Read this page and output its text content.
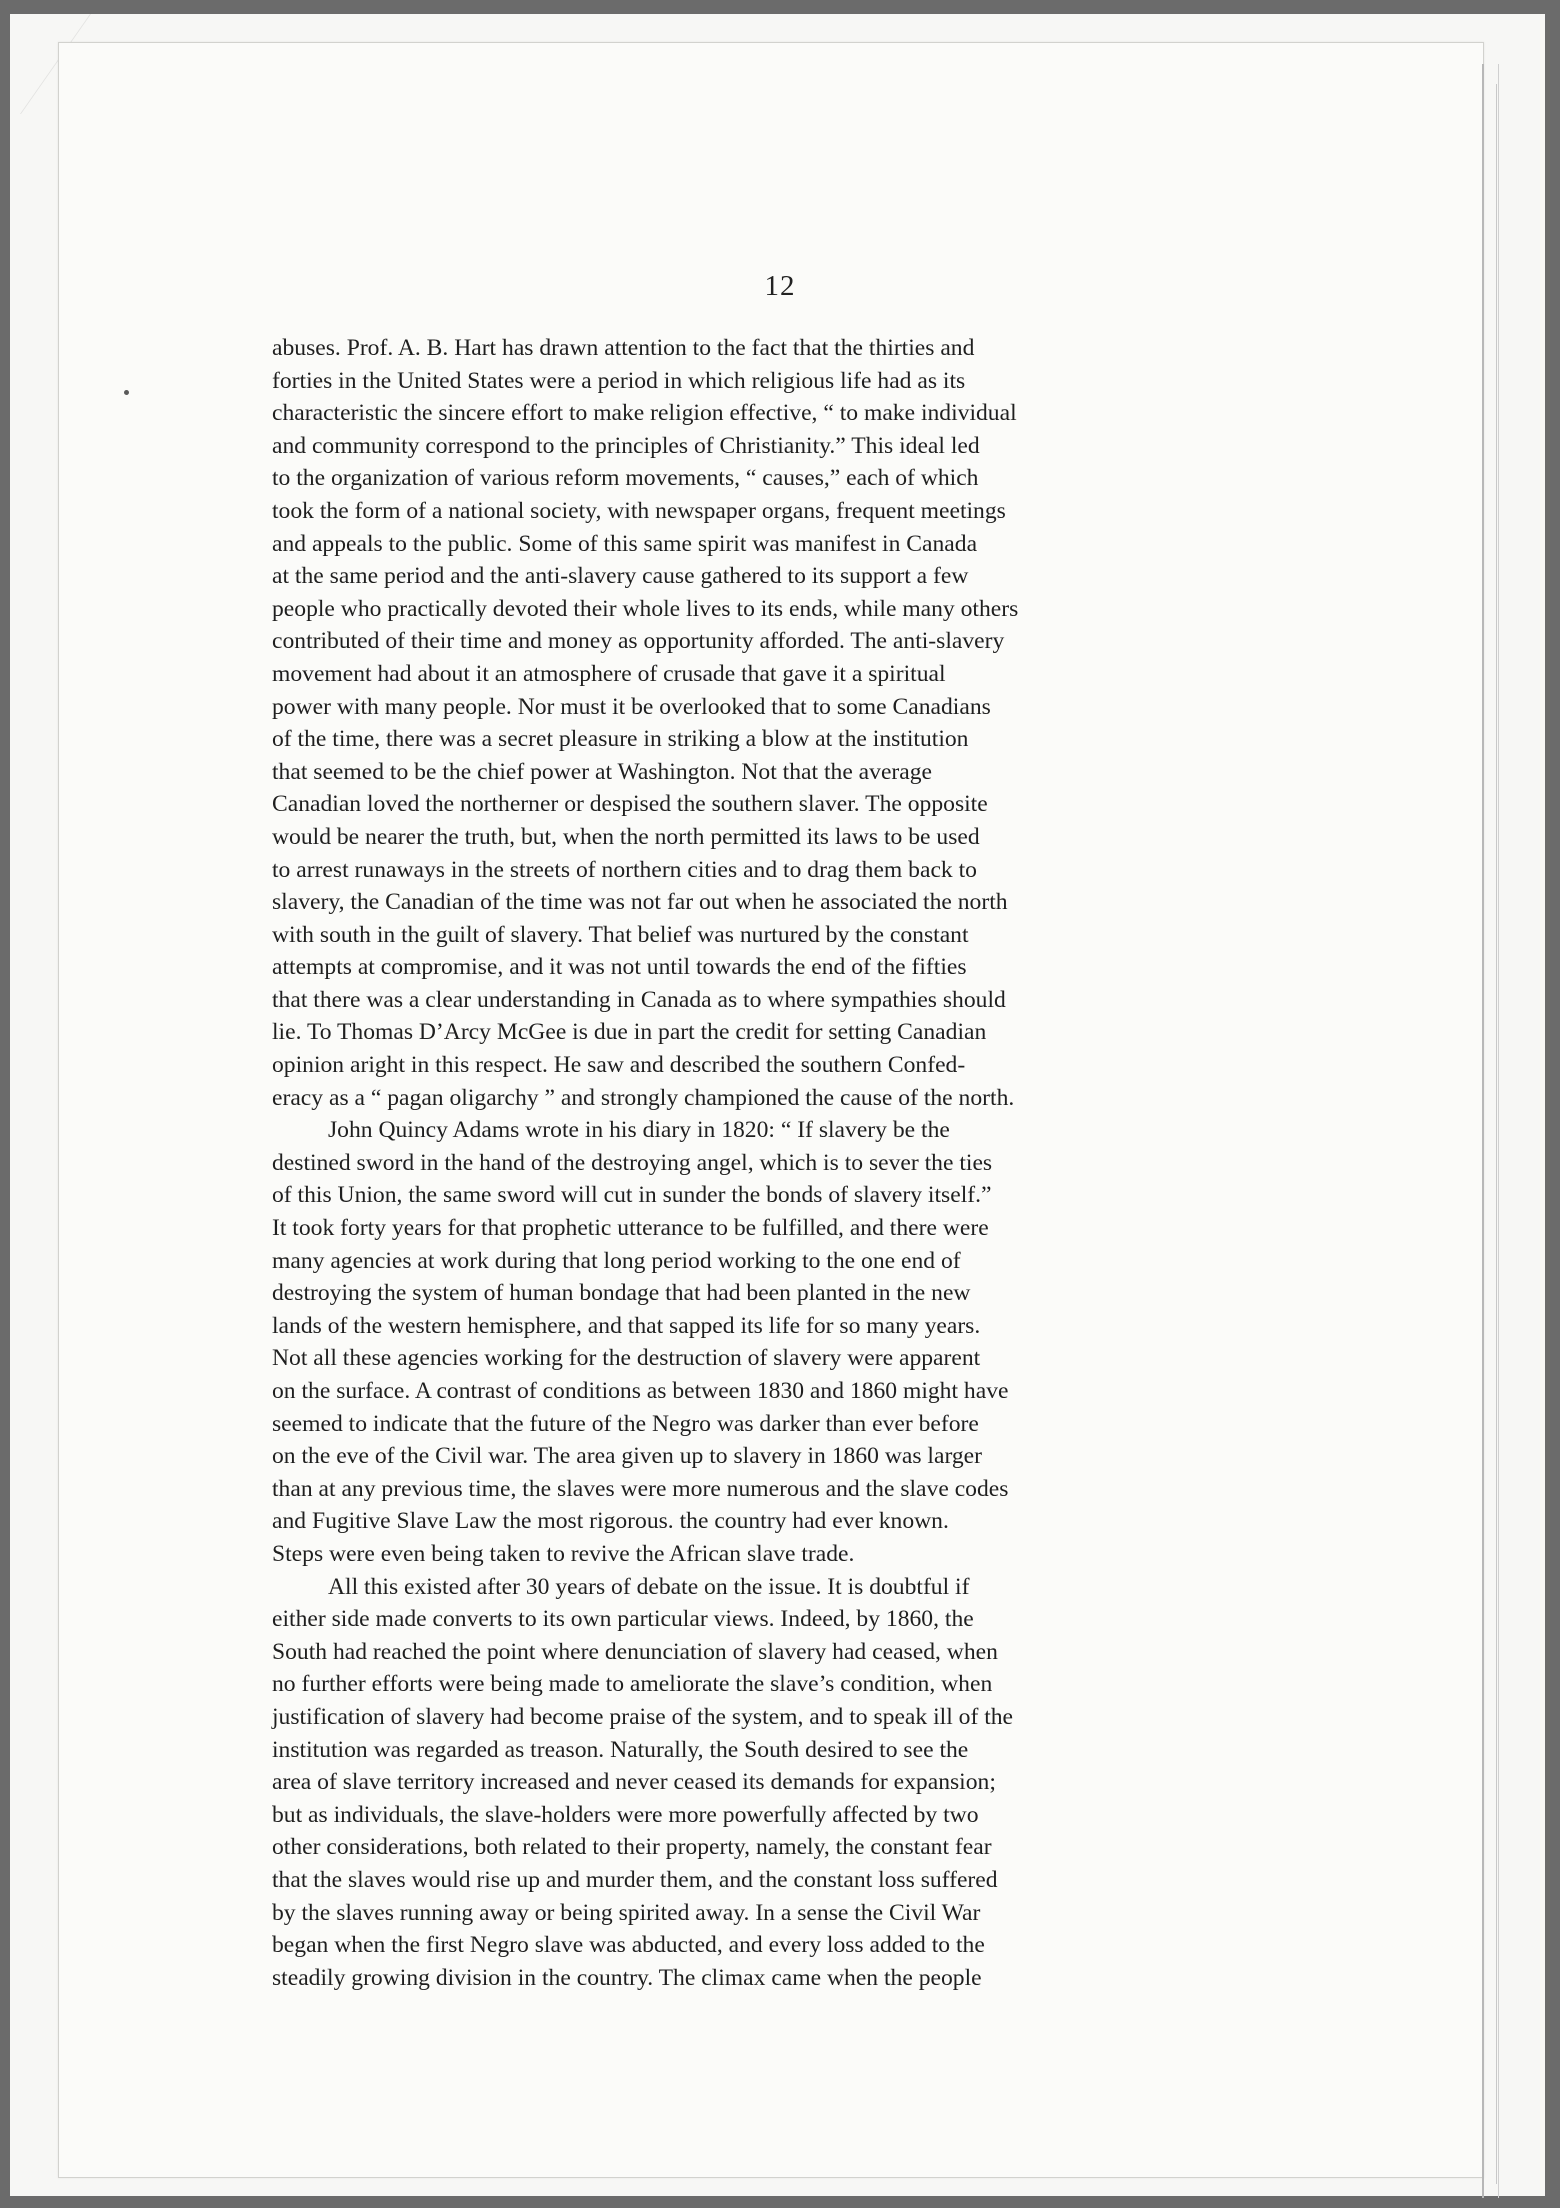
12
abuses. Prof. A. B. Hart has drawn attention to the fact that the thirties and
forties in the United States were a period in which religious life had as its
characteristic the sincere effort to make religion effective, “ to make individual
and community correspond to the principles of Christianity.” This ideal led
to the organization of various reform movements, “ causes,” each of which
took the form of a national society, with newspaper organs, frequent meetings
and appeals to the public. Some of this same spirit was manifest in Canada
at the same period and the anti-slavery cause gathered to its support a few
people who practically devoted their whole lives to its ends, while many others
contributed of their time and money as opportunity afforded. The anti-slavery
movement had about it an atmosphere of crusade that gave it a spiritual
power with many people. Nor must it be overlooked that to some Canadians
of the time, there was a secret pleasure in striking a blow at the institution
that seemed to be the chief power at Washington. Not that the average
Canadian loved the northerner or despised the southern slaver. The opposite
would be nearer the truth, but, when the north permitted its laws to be used
to arrest runaways in the streets of northern cities and to drag them back to
slavery, the Canadian of the time was not far out when he associated the north
with south in the guilt of slavery. That belief was nurtured by the constant
attempts at compromise, and it was not until towards the end of the fifties
that there was a clear understanding in Canada as to where sympathies should
lie. To Thomas D’Arcy McGee is due in part the credit for setting Canadian
opinion aright in this respect. He saw and described the southern Confed-
eracy as a “ pagan oligarchy ” and strongly championed the cause of the north.
John Quincy Adams wrote in his diary in 1820: “ If slavery be the
destined sword in the hand of the destroying angel, which is to sever the ties
of this Union, the same sword will cut in sunder the bonds of slavery itself.”
It took forty years for that prophetic utterance to be fulfilled, and there were
many agencies at work during that long period working to the one end of
destroying the system of human bondage that had been planted in the new
lands of the western hemisphere, and that sapped its life for so many years.
Not all these agencies working for the destruction of slavery were apparent
on the surface. A contrast of conditions as between 1830 and 1860 might have
seemed to indicate that the future of the Negro was darker than ever before
on the eve of the Civil war. The area given up to slavery in 1860 was larger
than at any previous time, the slaves were more numerous and the slave codes
and Fugitive Slave Law the most rigorous. the country had ever known.
Steps were even being taken to revive the African slave trade.
All this existed after 30 years of debate on the issue. It is doubtful if
either side made converts to its own particular views. Indeed, by 1860, the
South had reached the point where denunciation of slavery had ceased, when
no further efforts were being made to ameliorate the slave’s condition, when
justification of slavery had become praise of the system, and to speak ill of the
institution was regarded as treason. Naturally, the South desired to see the
area of slave territory increased and never ceased its demands for expansion;
but as individuals, the slave-holders were more powerfully affected by two
other considerations, both related to their property, namely, the constant fear
that the slaves would rise up and murder them, and the constant loss suffered
by the slaves running away or being spirited away. In a sense the Civil War
began when the first Negro slave was abducted, and every loss added to the
steadily growing division in the country. The climax came when the people
